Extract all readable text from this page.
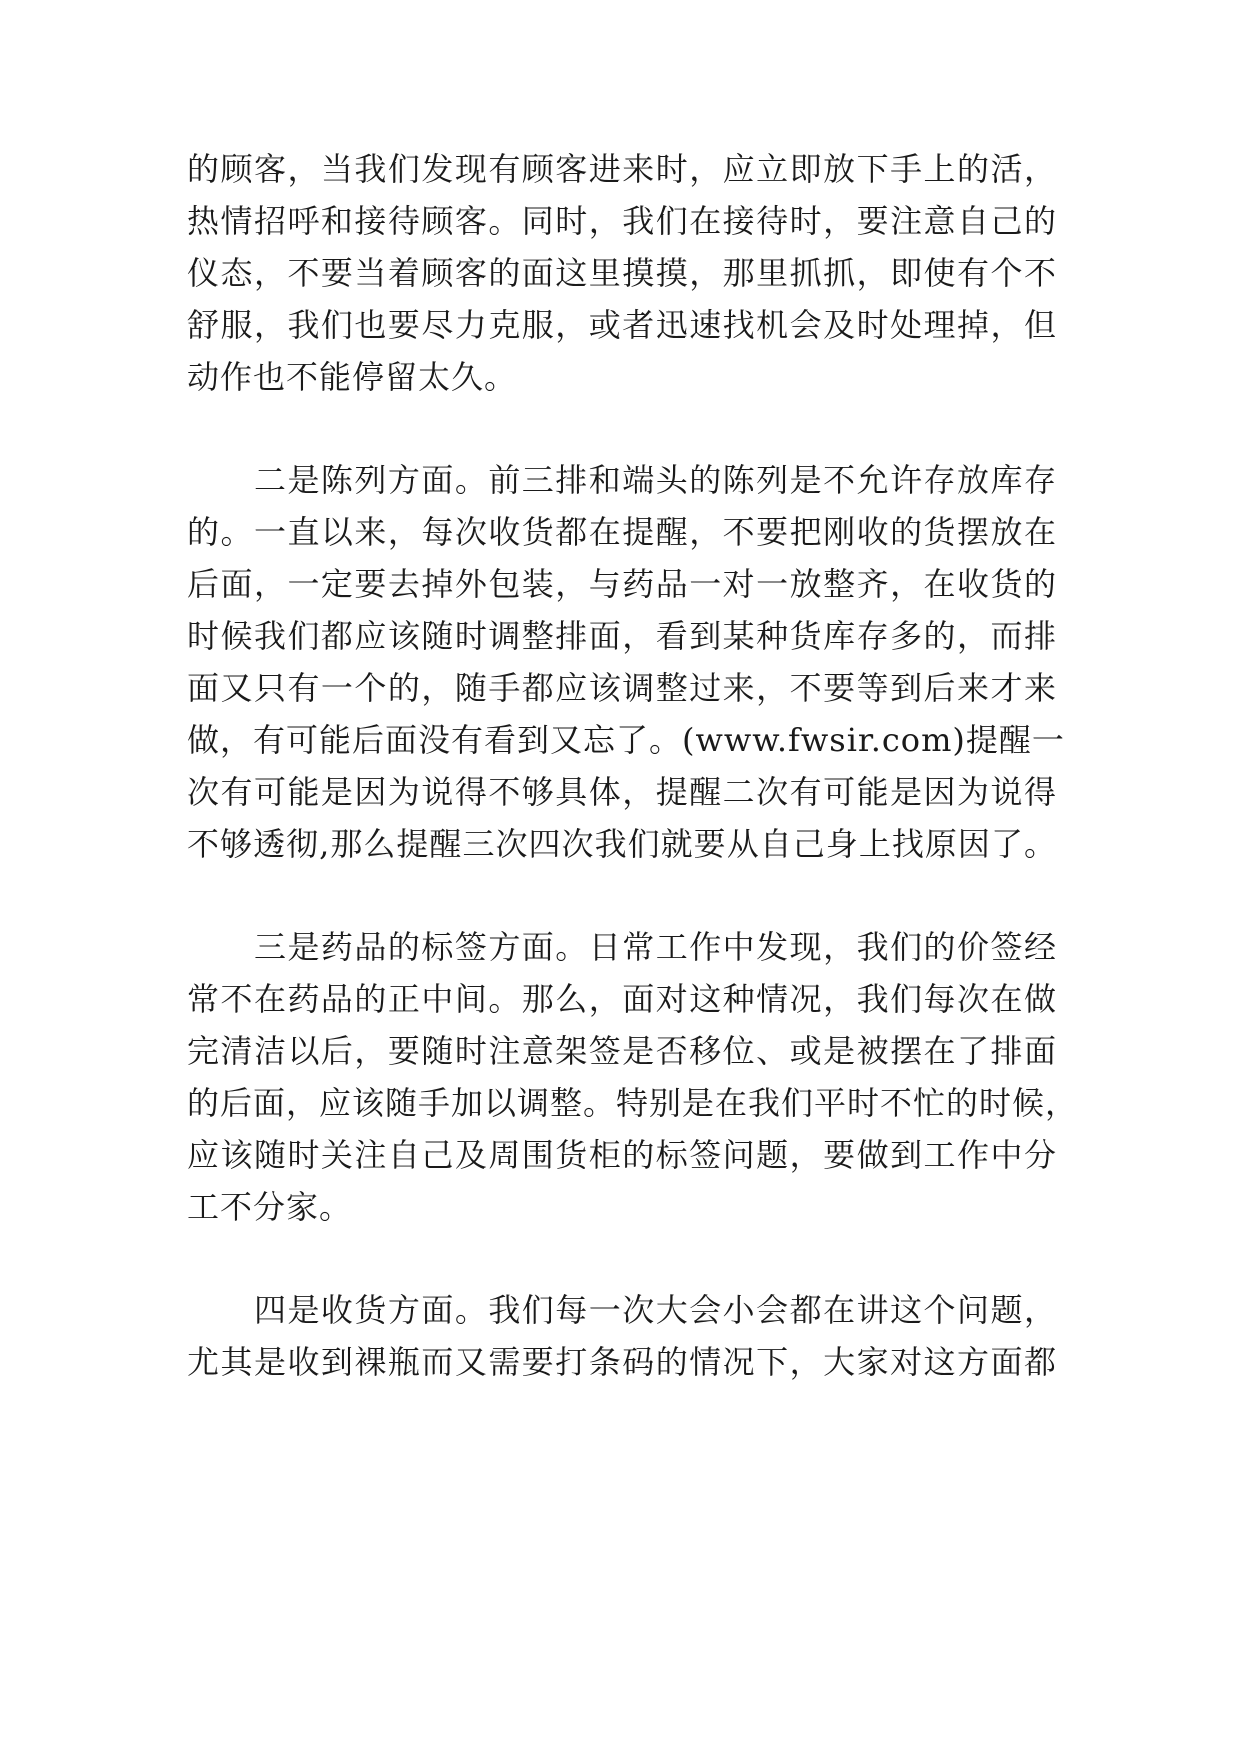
的顾客，当我们发现有顾客进来时，应立即放下手上的活，
热情招呼和接待顾客。同时，我们在接待时，要注意自己的
仪态，不要当着顾客的面这里摸摸，那里抓抓，即使有个不
舒服，我们也要尽力克服，或者迅速找机会及时处理掉，但
动作也不能停留太久。
　　二是陈列方面。前三排和端头的陈列是不允许存放库存
的。一直以来，每次收货都在提醒，不要把刚收的货摆放在
后面，一定要去掉外包装，与药品一对一放整齐，在收货的
时候我们都应该随时调整排面，看到某种货库存多的，而排
面又只有一个的，随手都应该调整过来，不要等到后来才来
做，有可能后面没有看到又忘了。(www.fwsir.com)提醒一
次有可能是因为说得不够具体，提醒二次有可能是因为说得
不够透彻,那么提醒三次四次我们就要从自己身上找原因了。
　　三是药品的标签方面。日常工作中发现，我们的价签经
常不在药品的正中间。那么，面对这种情况，我们每次在做
完清洁以后，要随时注意架签是否移位、或是被摆在了排面
的后面，应该随手加以调整。特别是在我们平时不忙的时候，
应该随时关注自己及周围货柜的标签问题，要做到工作中分
工不分家。
　　四是收货方面。我们每一次大会小会都在讲这个问题，
尤其是收到裸瓶而又需要打条码的情况下，大家对这方面都
